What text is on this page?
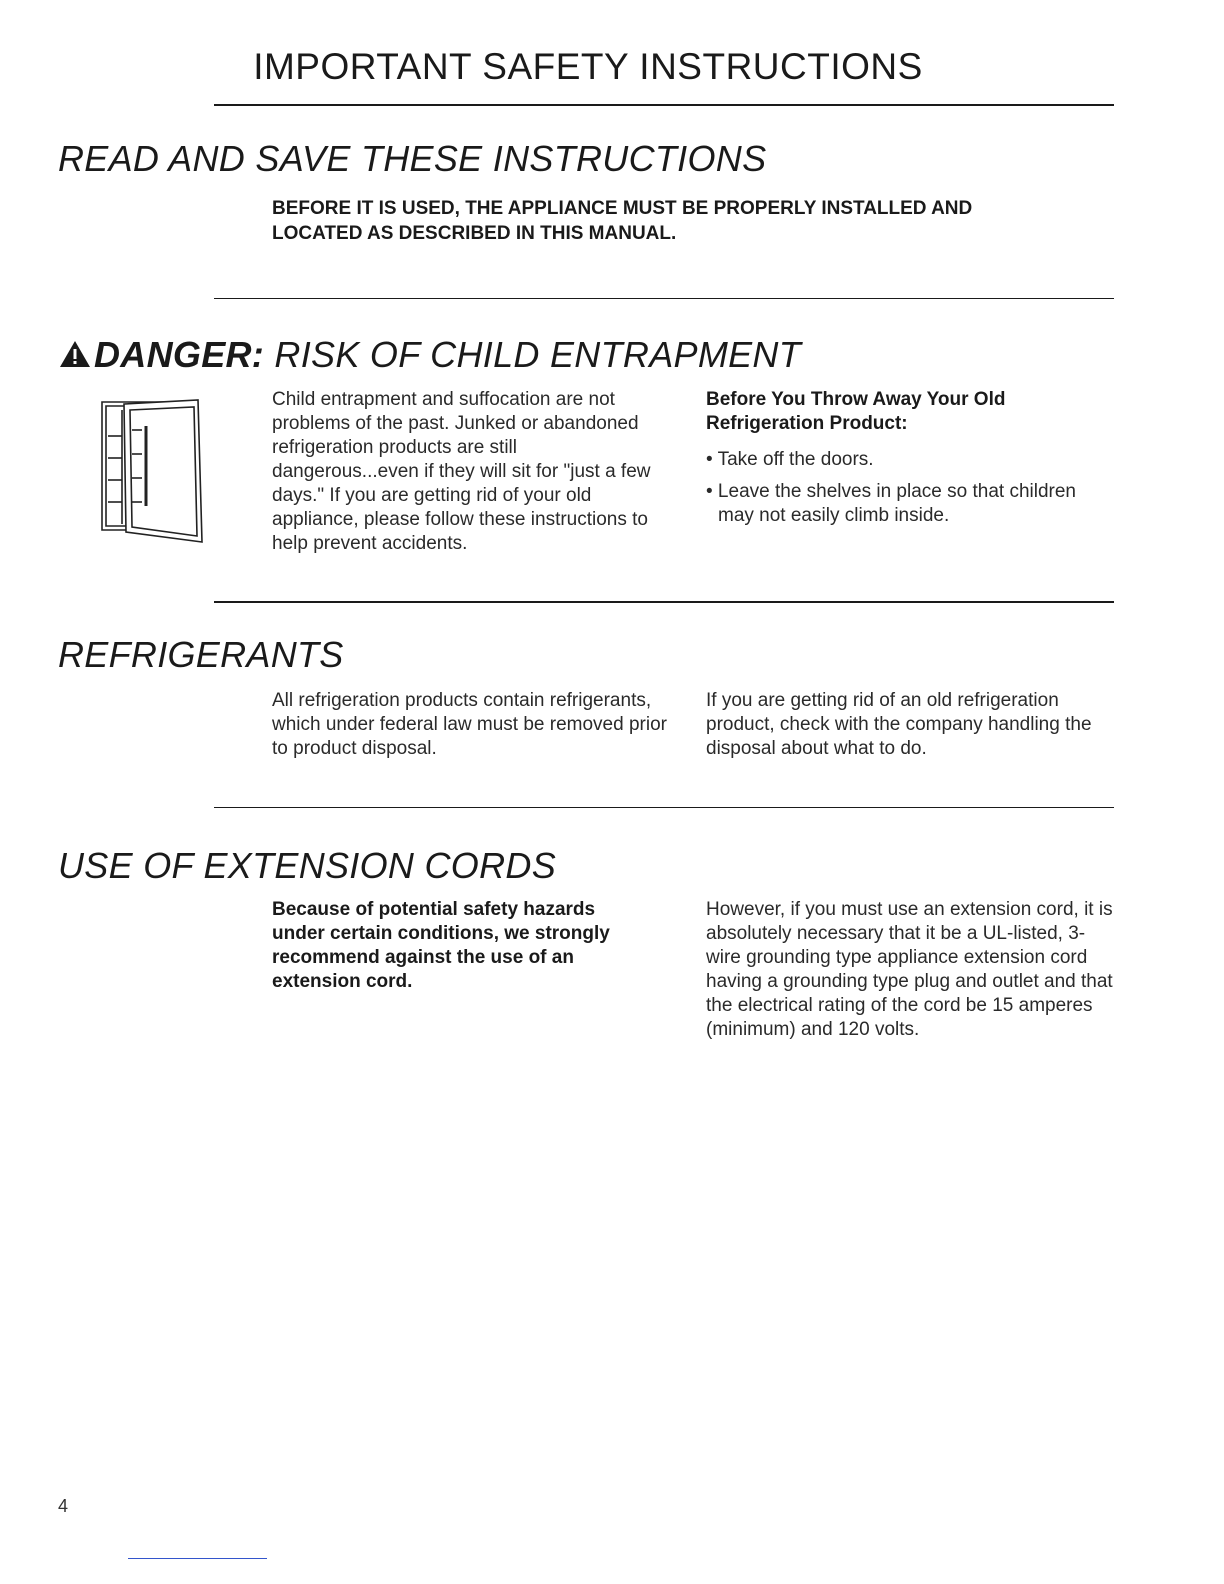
IMPORTANT SAFETY INSTRUCTIONS
READ AND SAVE THESE INSTRUCTIONS

BEFORE IT IS USED, THE APPLIANCE MUST BE PROPERLY INSTALLED AND LOCATED AS DESCRIBED IN THIS MANUAL.

DANGER: RISK OF CHILD ENTRAPMENT

Child entrapment and suffocation are not problems of the past. Junked or abandoned refrigeration products are still dangerous...even if they will sit for "just a few days." If you are getting rid of your old appliance, please follow these instructions to help prevent accidents.

Before You Throw Away Your Old Refrigeration Product:

• Take off the doors.
• Leave the shelves in place so that children may not easily climb inside.
REFRIGERANTS

All refrigeration products contain refrigerants, which under federal law must be removed prior to product disposal.

If you are getting rid of an old refrigeration product, check with the company handling the disposal about what to do.

USE OF EXTENSION CORDS

Because of potential safety hazards under certain conditions, we strongly recommend against the use of an extension cord.

However, if you must use an extension cord, it is absolutely necessary that it be a UL-listed, 3-wire grounding type appliance extension cord having a grounding type plug and outlet and that the electrical rating of the cord be 15 amperes (minimum) and 120 volts.

4
